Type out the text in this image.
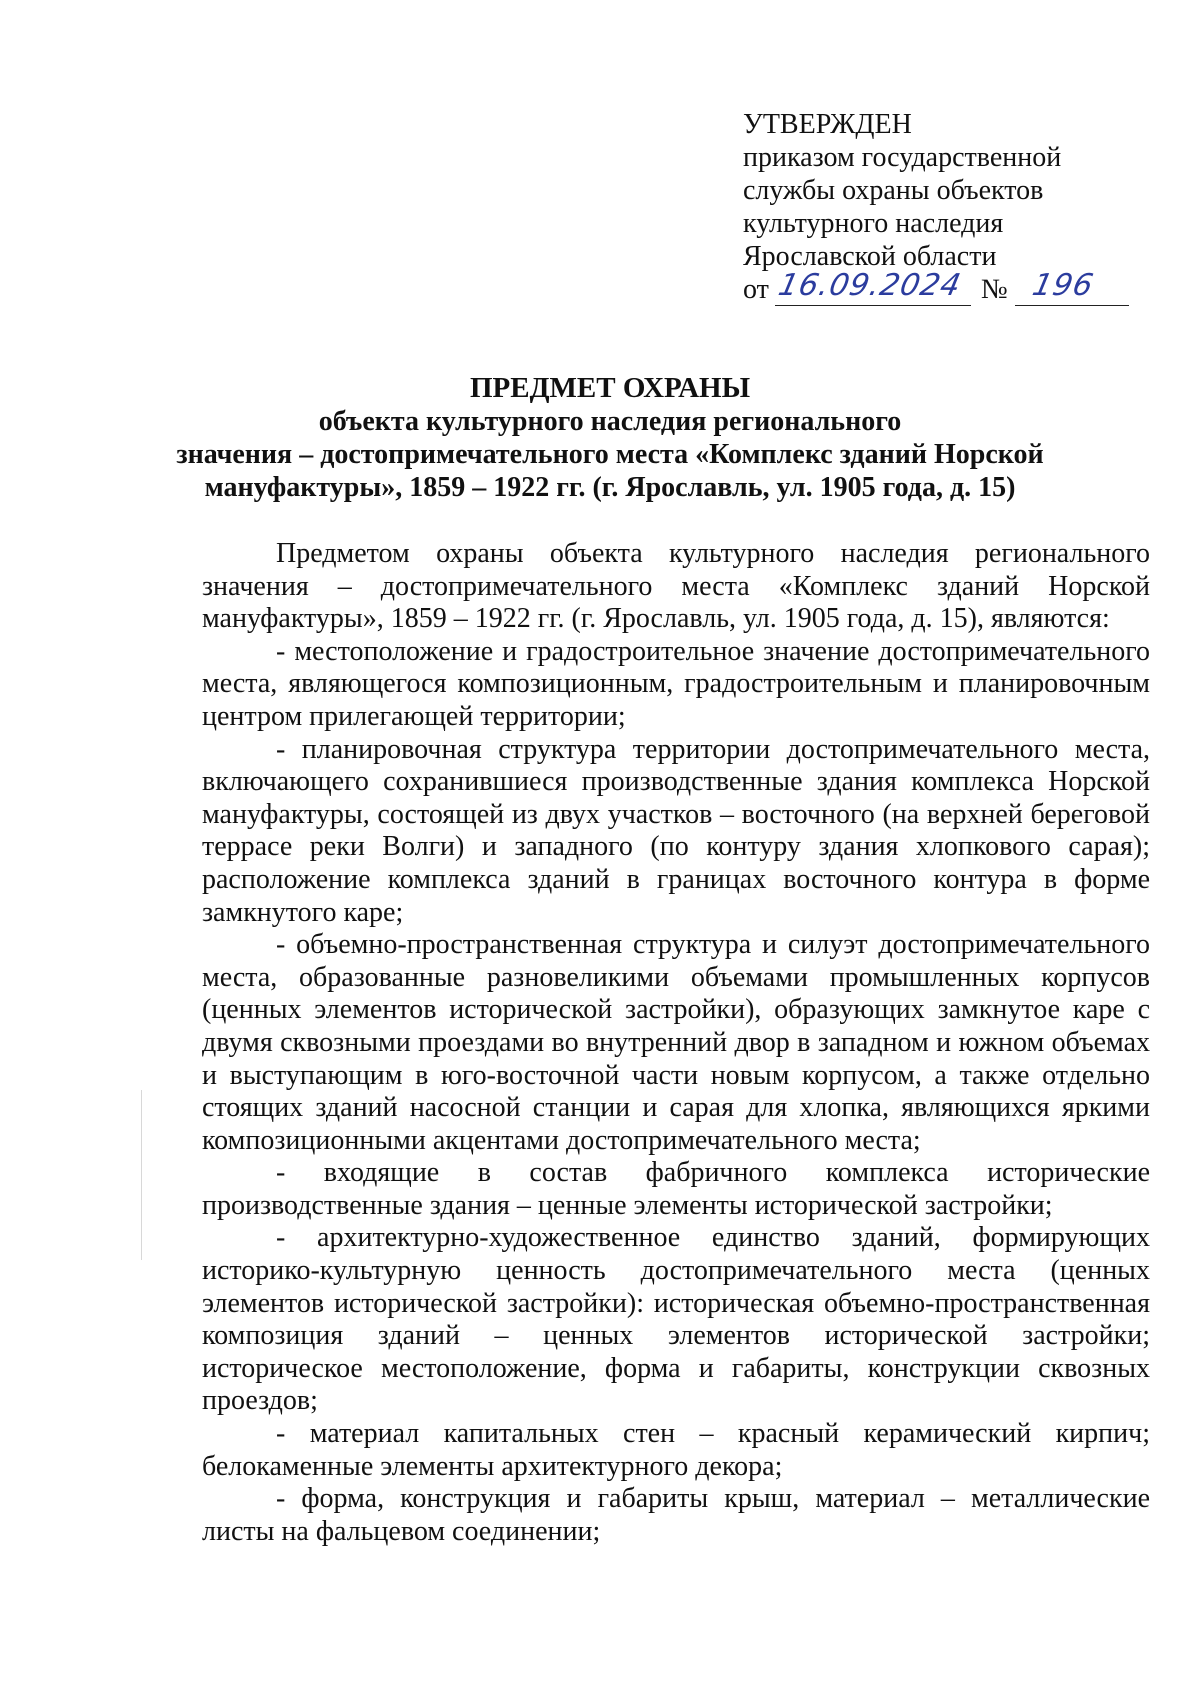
УТВЕРЖДЕН
приказом государственной
службы охраны объектов
культурного наследия
Ярославской области
от 16.09.2024 № 196
ПРЕДМЕТ ОХРАНЫ
объекта культурного наследия регионального
значения – достопримечательного места «Комплекс зданий Норской
мануфактуры», 1859 – 1922 гг. (г. Ярославль, ул. 1905 года, д. 15)

Предметом охраны объекта культурного наследия регионального значения – достопримечательного места «Комплекс зданий Норской мануфактуры», 1859 – 1922 гг. (г. Ярославль, ул. 1905 года, д. 15), являются:

- местоположение и градостроительное значение достопримечательного места, являющегося композиционным, градостроительным и планировочным центром прилегающей территории;

- планировочная структура территории достопримечательного места, включающего сохранившиеся производственные здания комплекса Норской мануфактуры, состоящей из двух участков – восточного (на верхней береговой террасе реки Волги) и западного (по контуру здания хлопкового сарая); расположение комплекса зданий в границах восточного контура в форме замкнутого каре;

- объемно-пространственная структура и силуэт достопримечательного места, образованные разновеликими объемами промышленных корпусов (ценных элементов исторической застройки), образующих замкнутое каре с двумя сквозными проездами во внутренний двор в западном и южном объемах и выступающим в юго-восточной части новым корпусом, а также отдельно стоящих зданий насосной станции и сарая для хлопка, являющихся яркими композиционными акцентами достопримечательного места;

- входящие в состав фабричного комплекса исторические производственные здания – ценные элементы исторической застройки;

- архитектурно-художественное единство зданий, формирующих историко-культурную ценность достопримечательного места (ценных элементов исторической застройки): историческая объемно-пространственная композиция зданий – ценных элементов исторической застройки; историческое местоположение, форма и габариты, конструкции сквозных проездов;

- материал капитальных стен – красный керамический кирпич; белокаменные элементы архитектурного декора;

- форма, конструкция и габариты крыш, материал – металлические листы на фальцевом соединении;
